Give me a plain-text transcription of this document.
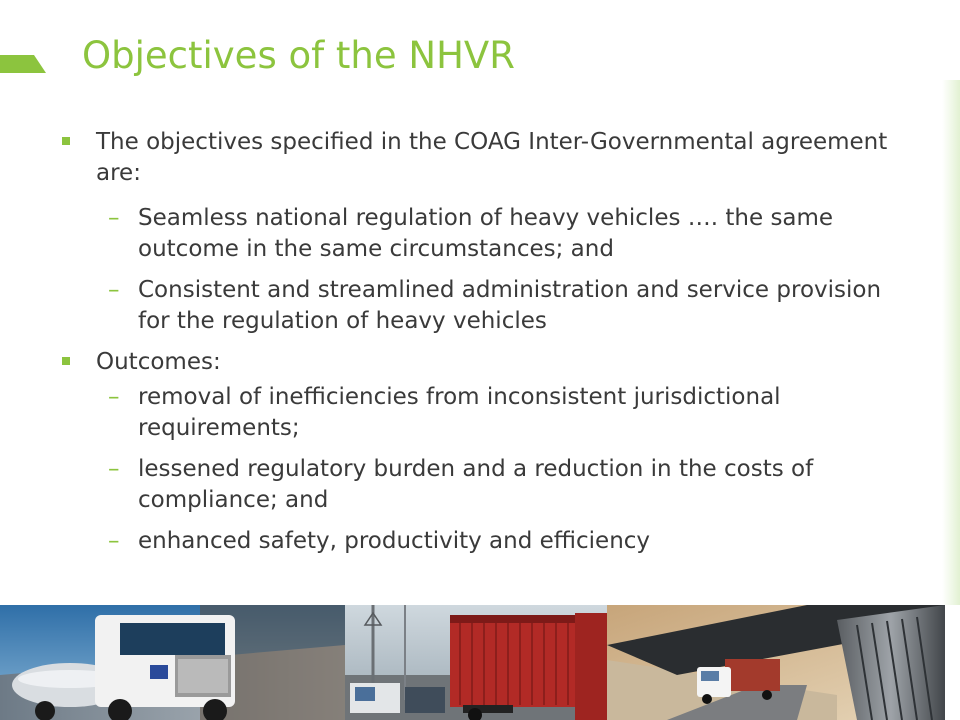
Objectives of the NHVR
The objectives specified in the COAG Inter-Governmental agreement are:
– Seamless national regulation of heavy vehicles …. the same outcome in the same circumstances; and
– Consistent and streamlined administration and service provision for the regulation of heavy vehicles
Outcomes:
– removal of inefficiencies from inconsistent jurisdictional requirements;
– lessened regulatory burden and a reduction in the costs of compliance; and
– enhanced safety, productivity and efficiency
